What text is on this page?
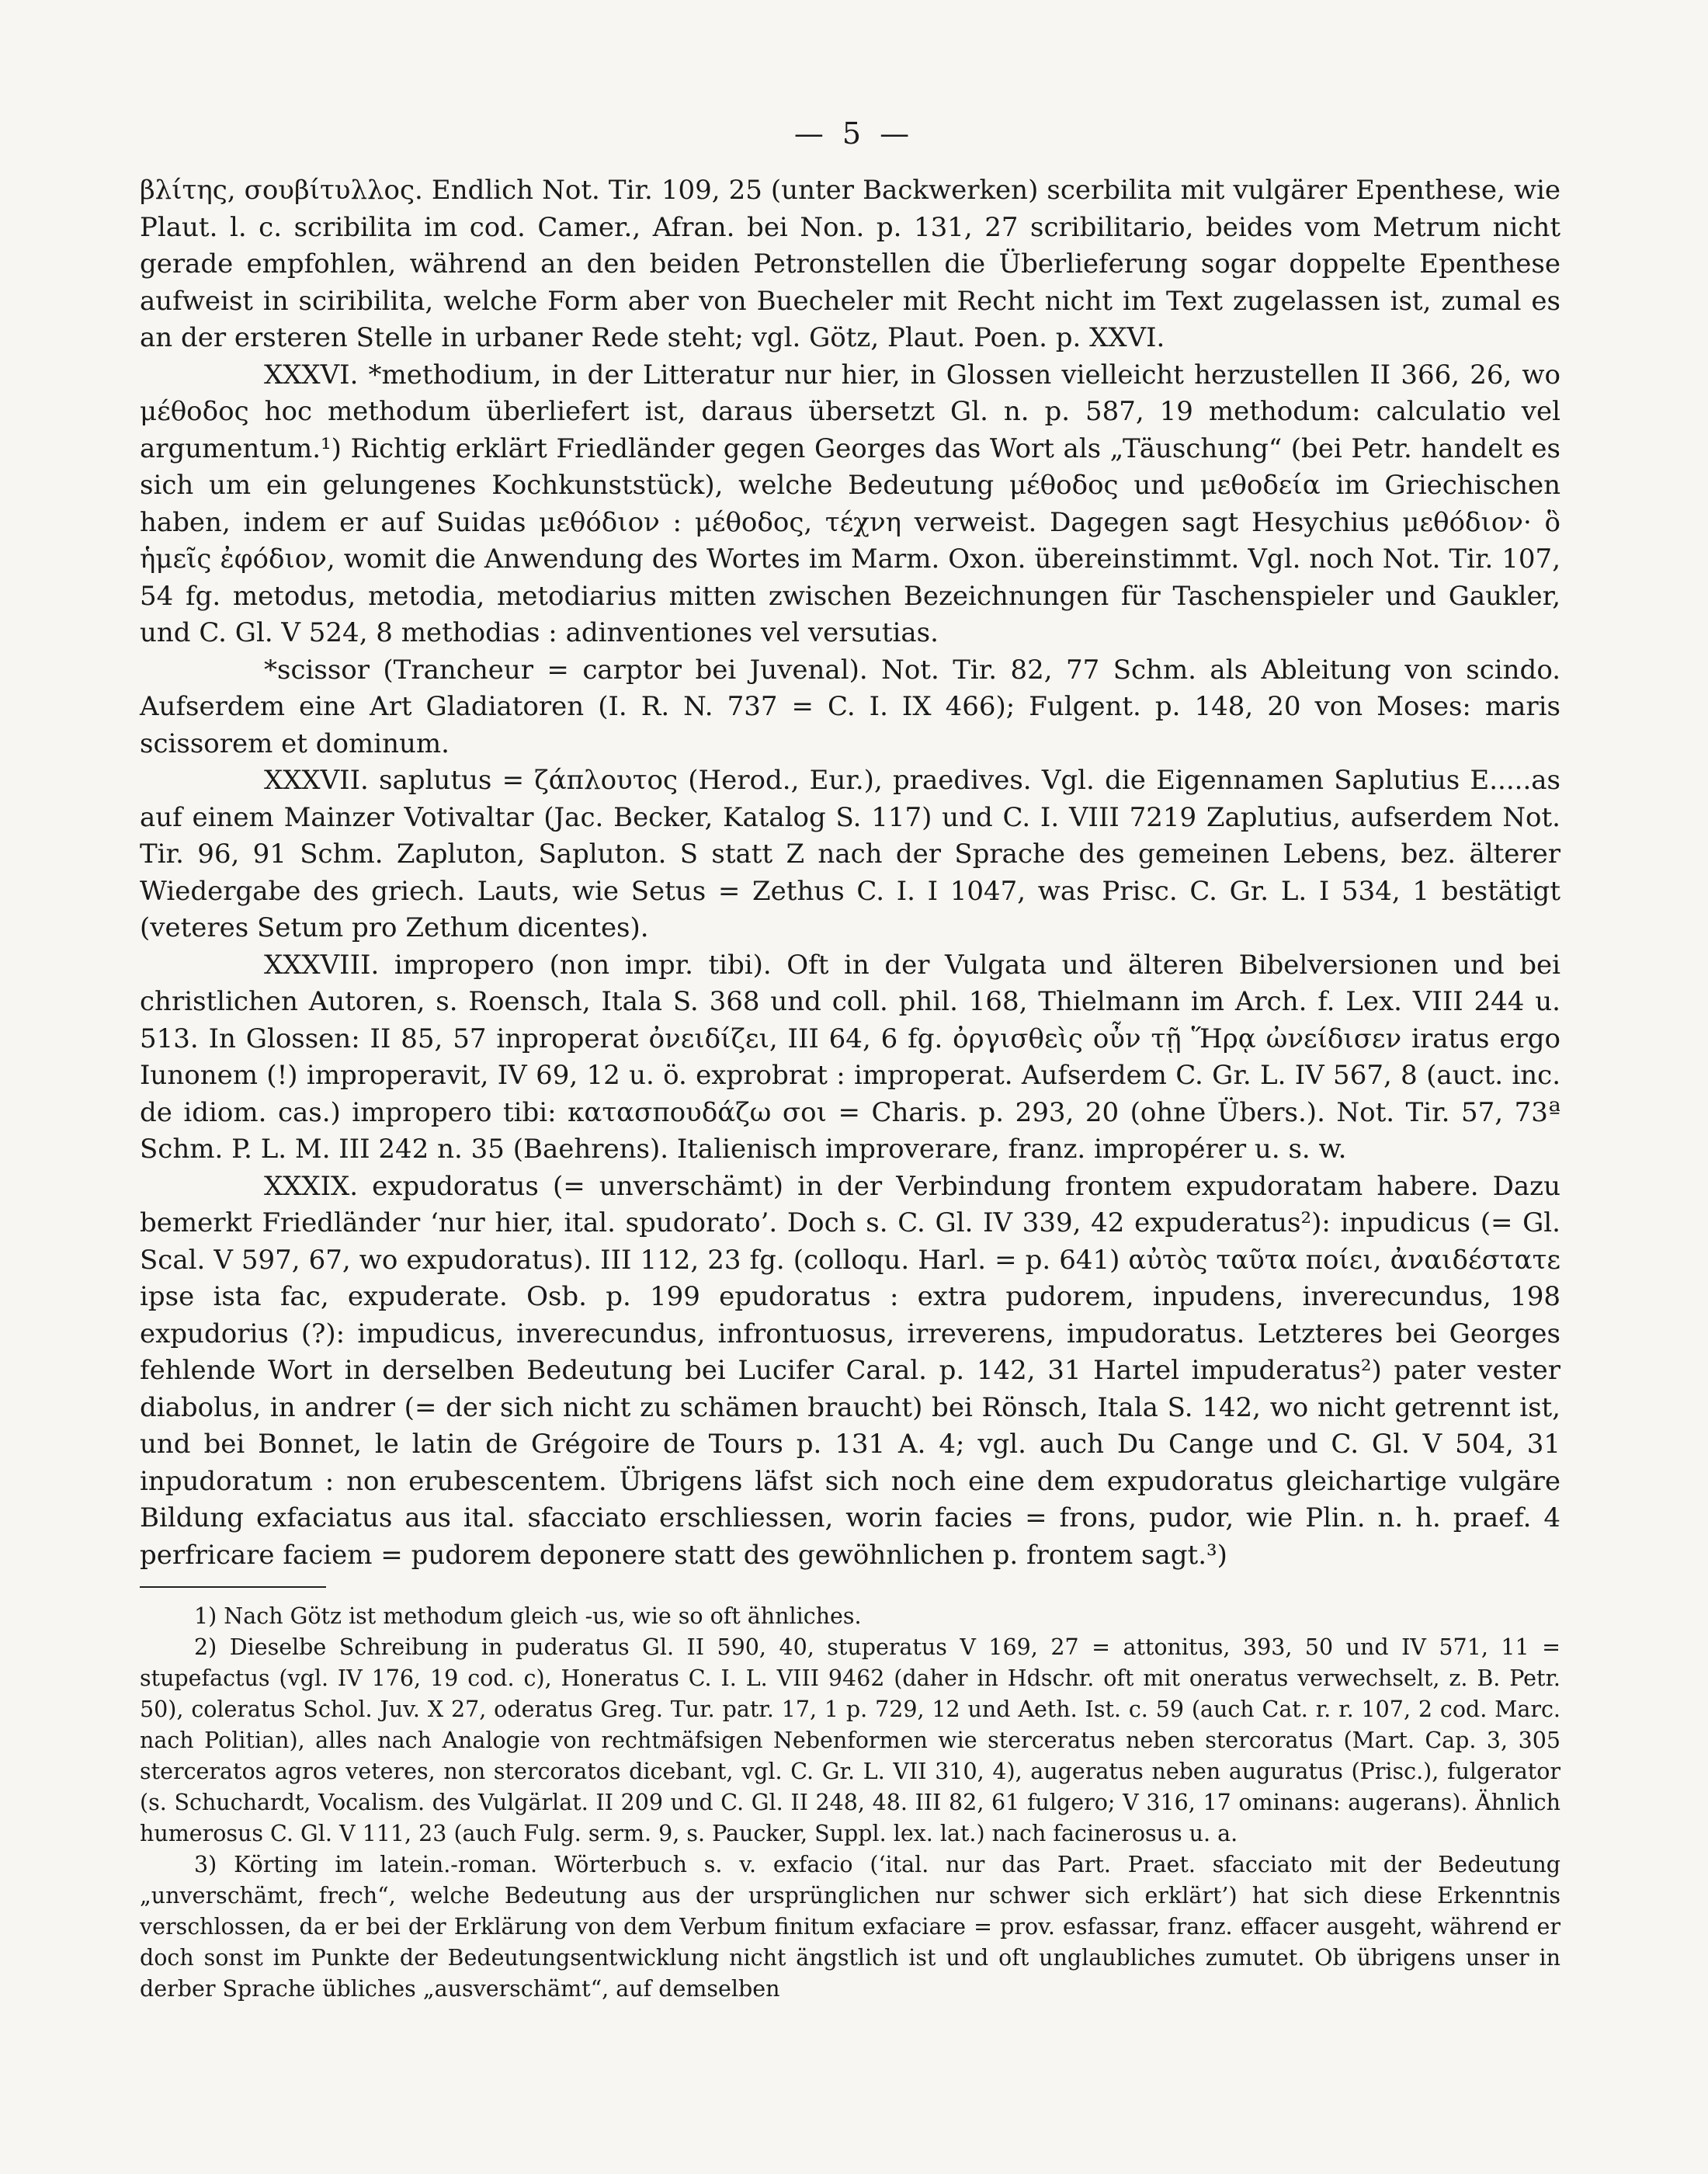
— 5 —

βλίτης, σουβίτυλλος. Endlich Not. Tir. 109, 25 (unter Backwerken) scerbilita mit vulgärer Epenthese, wie Plaut. l. c. scribilita im cod. Camer., Afran. bei Non. p. 131, 27 scribilitario, beides vom Metrum nicht gerade empfohlen, während an den beiden Petronstellen die Überlieferung sogar doppelte Epenthese aufweist in sciribilita, welche Form aber von Buecheler mit Recht nicht im Text zugelassen ist, zumal es an der ersteren Stelle in urbaner Rede steht; vgl. Götz, Plaut. Poen. p. XXVI.

XXXVI. *methodium, in der Litteratur nur hier, in Glossen vielleicht herzustellen II 366, 26, wo μέθοδος hoc methodum überliefert ist, daraus übersetzt Gl. n. p. 587, 19 methodum: calculatio vel argumentum.¹) Richtig erklärt Friedländer gegen Georges das Wort als „Täuschung“ (bei Petr. handelt es sich um ein gelungenes Kochkunststück), welche Bedeutung μέθοδος und μεθοδεία im Griechischen haben, indem er auf Suidas μεθόδιον : μέθοδος, τέχνη verweist. Dagegen sagt Hesychius μεθόδιον· ὃ ἡμεῖς ἐφόδιον, womit die Anwendung des Wortes im Marm. Oxon. übereinstimmt. Vgl. noch Not. Tir. 107, 54 fg. metodus, metodia, metodiarius mitten zwischen Bezeichnungen für Taschenspieler und Gaukler, und C. Gl. V 524, 8 methodias : adinventiones vel versutias.

*scissor (Trancheur = carptor bei Juvenal). Not. Tir. 82, 77 Schm. als Ableitung von scindo. Aufserdem eine Art Gladiatoren (I. R. N. 737 = C. I. IX 466); Fulgent. p. 148, 20 von Moses: maris scissorem et dominum.

XXXVII. saplutus = ζάπλουτος (Herod., Eur.), praedives. Vgl. die Eigennamen Saplutius E.....as auf einem Mainzer Votivaltar (Jac. Becker, Katalog S. 117) und C. I. VIII 7219 Zaplutius, aufserdem Not. Tir. 96, 91 Schm. Zapluton, Sapluton. S statt Z nach der Sprache des gemeinen Lebens, bez. älterer Wiedergabe des griech. Lauts, wie Setus = Zethus C. I. I 1047, was Prisc. C. Gr. L. I 534, 1 bestätigt (veteres Setum pro Zethum dicentes).

XXXVIII. impropero (non impr. tibi). Oft in der Vulgata und älteren Bibelversionen und bei christlichen Autoren, s. Roensch, Itala S. 368 und coll. phil. 168, Thielmann im Arch. f. Lex. VIII 244 u. 513. In Glossen: II 85, 57 inproperat ὀνειδίζει, III 64, 6 fg. ὀργισθεὶς οὖν τῇ Ἥρᾳ ὠνείδισεν iratus ergo Iunonem (!) improperavit, IV 69, 12 u. ö. exprobrat : improperat. Aufserdem C. Gr. L. IV 567, 8 (auct. inc. de idiom. cas.) impropero tibi: κατασπουδάζω σοι = Charis. p. 293, 20 (ohne Übers.). Not. Tir. 57, 73ª Schm. P. L. M. III 242 n. 35 (Baehrens). Italienisch improverare, franz. impropérer u. s. w.

XXXIX. expudoratus (= unverschämt) in der Verbindung frontem expudoratam habere. Dazu bemerkt Friedländer ‘nur hier, ital. spudorato’. Doch s. C. Gl. IV 339, 42 expuderatus²): inpudicus (= Gl. Scal. V 597, 67, wo expudoratus). III 112, 23 fg. (colloqu. Harl. = p. 641) αὐτὸς ταῦτα ποίει, ἀναιδέστατε ipse ista fac, expuderate. Osb. p. 199 epudoratus : extra pudorem, inpudens, inverecundus, 198 expudorius (?): impudicus, inverecundus, infrontuosus, irreverens, impudoratus. Letzteres bei Georges fehlende Wort in derselben Bedeutung bei Lucifer Caral. p. 142, 31 Hartel impuderatus²) pater vester diabolus, in andrer (= der sich nicht zu schämen braucht) bei Rönsch, Itala S. 142, wo nicht getrennt ist, und bei Bonnet, le latin de Grégoire de Tours p. 131 A. 4; vgl. auch Du Cange und C. Gl. V 504, 31 inpudoratum : non erubescentem. Übrigens läfst sich noch eine dem expudoratus gleichartige vulgäre Bildung exfaciatus aus ital. sfacciato erschliessen, worin facies = frons, pudor, wie Plin. n. h. praef. 4 perfricare faciem = pudorem deponere statt des gewöhnlichen p. frontem sagt.³)

1) Nach Götz ist methodum gleich -us, wie so oft ähnliches.

2) Dieselbe Schreibung in puderatus Gl. II 590, 40, stuperatus V 169, 27 = attonitus, 393, 50 und IV 571, 11 = stupefactus (vgl. IV 176, 19 cod. c), Honeratus C. I. L. VIII 9462 (daher in Hdschr. oft mit oneratus verwechselt, z. B. Petr. 50), coleratus Schol. Juv. X 27, oderatus Greg. Tur. patr. 17, 1 p. 729, 12 und Aeth. Ist. c. 59 (auch Cat. r. r. 107, 2 cod. Marc. nach Politian), alles nach Analogie von rechtmäfsigen Nebenformen wie sterceratus neben stercoratus (Mart. Cap. 3, 305 sterceratos agros veteres, non stercoratos dicebant, vgl. C. Gr. L. VII 310, 4), augeratus neben auguratus (Prisc.), fulgerator (s. Schuchardt, Vocalism. des Vulgärlat. II 209 und C. Gl. II 248, 48. III 82, 61 fulgero; V 316, 17 ominans: augerans). Ähnlich humerosus C. Gl. V 111, 23 (auch Fulg. serm. 9, s. Paucker, Suppl. lex. lat.) nach facinerosus u. a.

3) Körting im latein.-roman. Wörterbuch s. v. exfacio (‘ital. nur das Part. Praet. sfacciato mit der Bedeutung „unverschämt, frech“, welche Bedeutung aus der ursprünglichen nur schwer sich erklärt’) hat sich diese Erkenntnis verschlossen, da er bei der Erklärung von dem Verbum finitum exfaciare = prov. esfassar, franz. effacer ausgeht, während er doch sonst im Punkte der Bedeutungsentwicklung nicht ängstlich ist und oft unglaubliches zumutet. Ob übrigens unser in derber Sprache übliches „ausverschämt“, auf demselben
